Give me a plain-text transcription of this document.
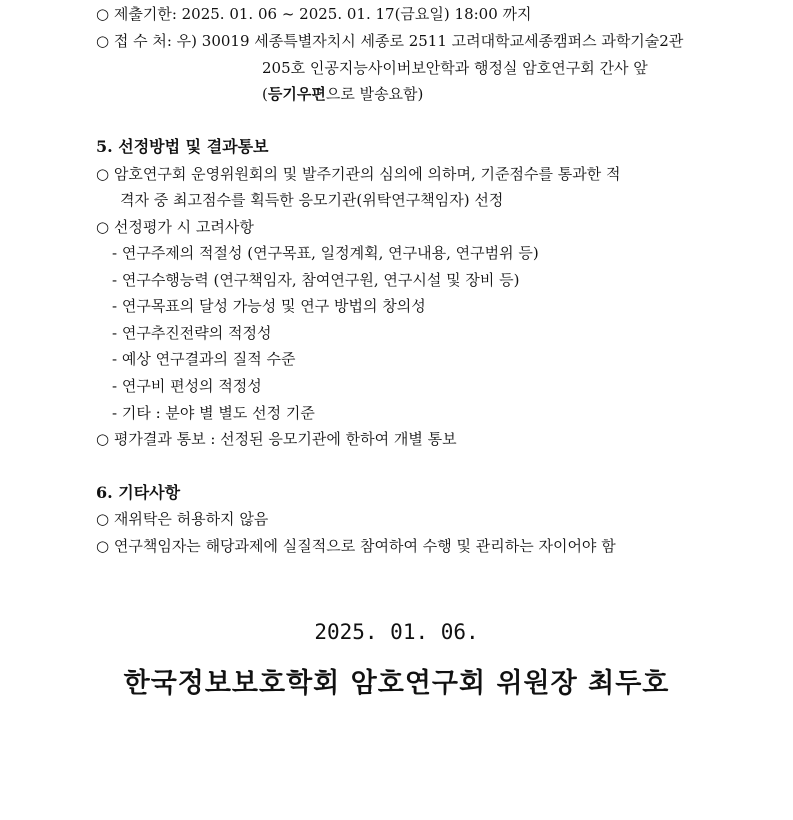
○ 제출기한: 2025. 01. 06 ~ 2025. 01. 17(금요일) 18:00 까지
○ 접 수 처: 우) 30019 세종특별자치시 세종로 2511 고려대학교세종캠퍼스 과학기술2관
205호 인공지능사이버보안학과 행정실 암호연구회 간사 앞
(등기우편으로 발송요함)
5. 선정방법 및 결과통보
○ 암호연구회 운영위원회의 및 발주기관의 심의에 의하며, 기준점수를 통과한 적
격자 중 최고점수를 획득한 응모기관(위탁연구책임자) 선정
○ 선정평가 시 고려사항
- 연구주제의 적절성 (연구목표, 일정계획, 연구내용, 연구범위 등)
- 연구수행능력 (연구책임자, 참여연구원, 연구시설 및 장비 등)
- 연구목표의 달성 가능성 및 연구 방법의 창의성
- 연구추진전략의 적정성
- 예상 연구결과의 질적 수준
- 연구비 편성의 적정성
- 기타 : 분야 별 별도 선정 기준
○ 평가결과 통보 : 선정된 응모기관에 한하여 개별 통보
6. 기타사항
○ 재위탁은 허용하지 않음
○ 연구책임자는 해당과제에 실질적으로 참여하여 수행 및 관리하는 자이어야 함
2025. 01. 06.
한국정보보호학회 암호연구회 위원장 최두호
